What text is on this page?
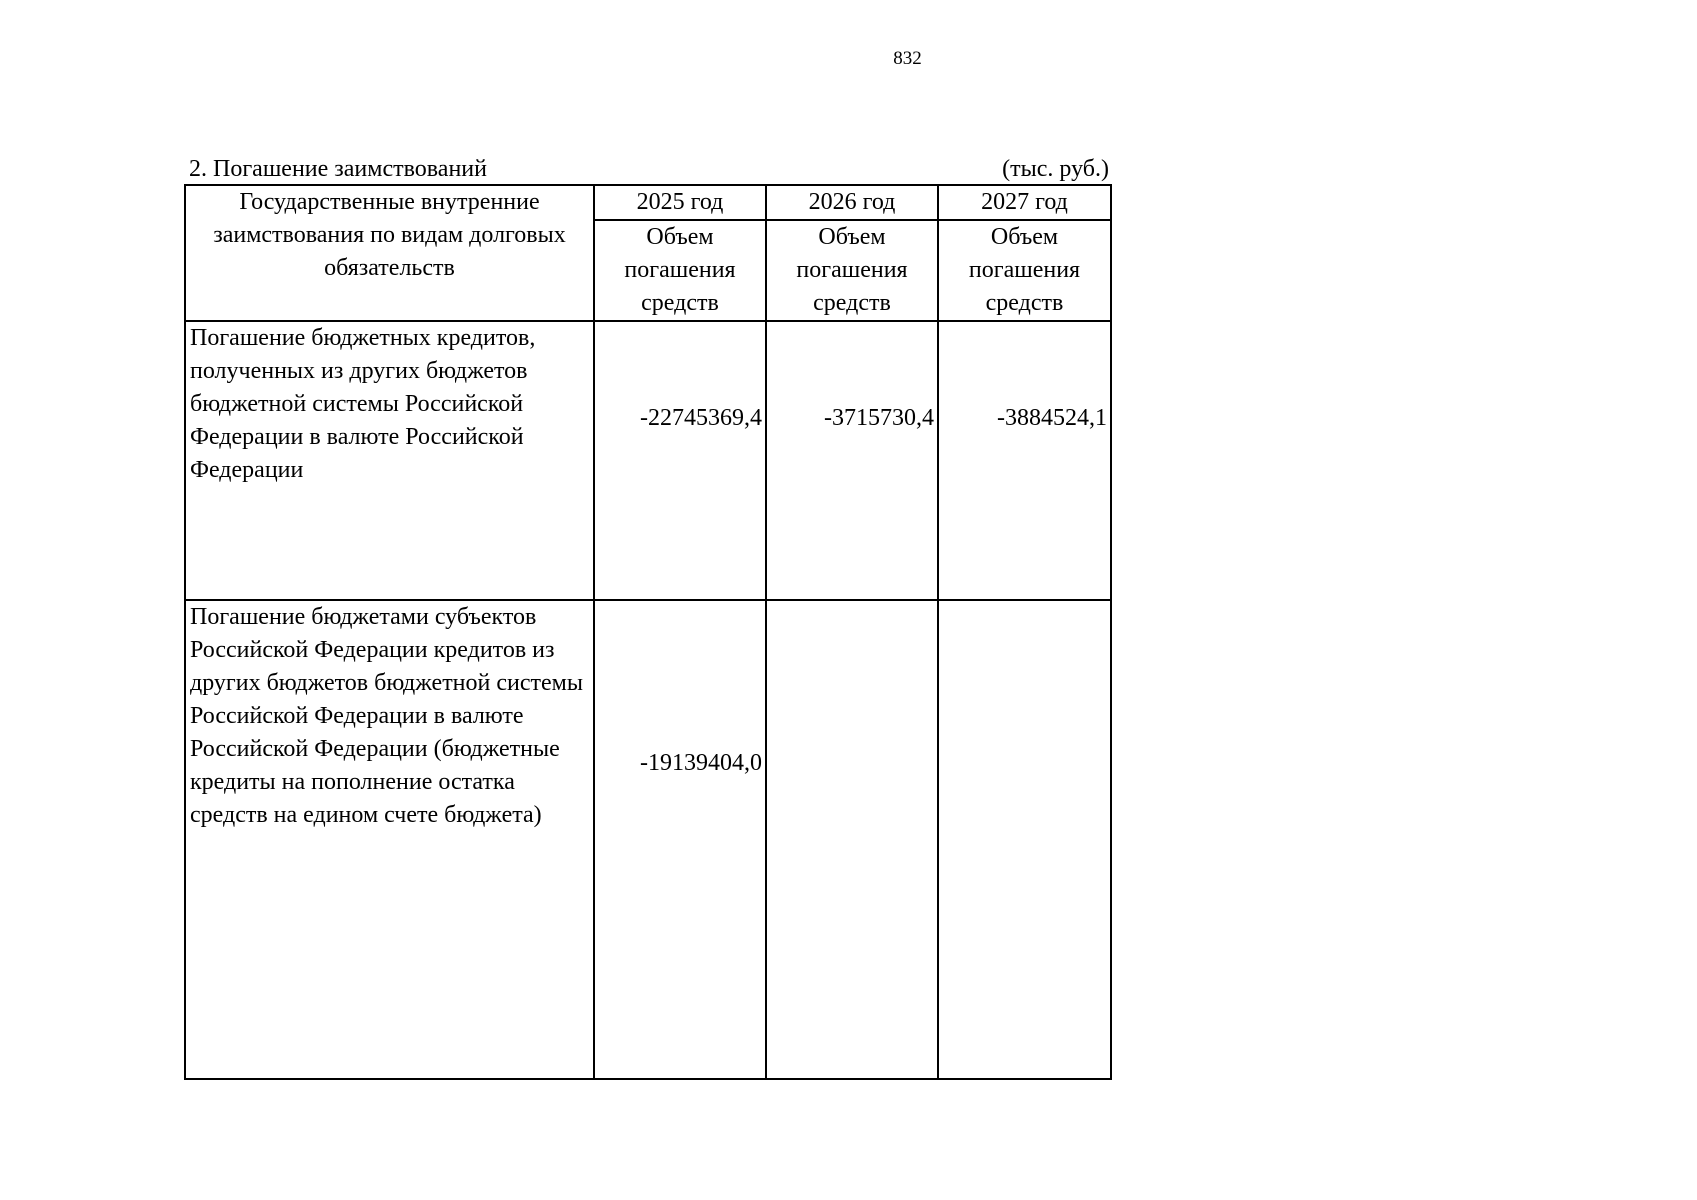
832
2. Погашение заимствований	(тыс. руб.)
Государственные внутренние заимствования по видам долговых обязательств	2025 год	2026 год	2027 год
	Объем погашения средств	Объем погашения средств	Объем погашения средств
Погашение бюджетных кредитов, полученных из других бюджетов бюджетной системы Российской Федерации в валюте Российской Федерации	-22745369,4	-3715730,4	-3884524,1
Погашение бюджетами субъектов Российской Федерации кредитов из других бюджетов бюджетной системы Российской Федерации в валюте Российской Федерации (бюджетные кредиты на пополнение остатка средств на едином счете бюджета)	-19139404,0		
